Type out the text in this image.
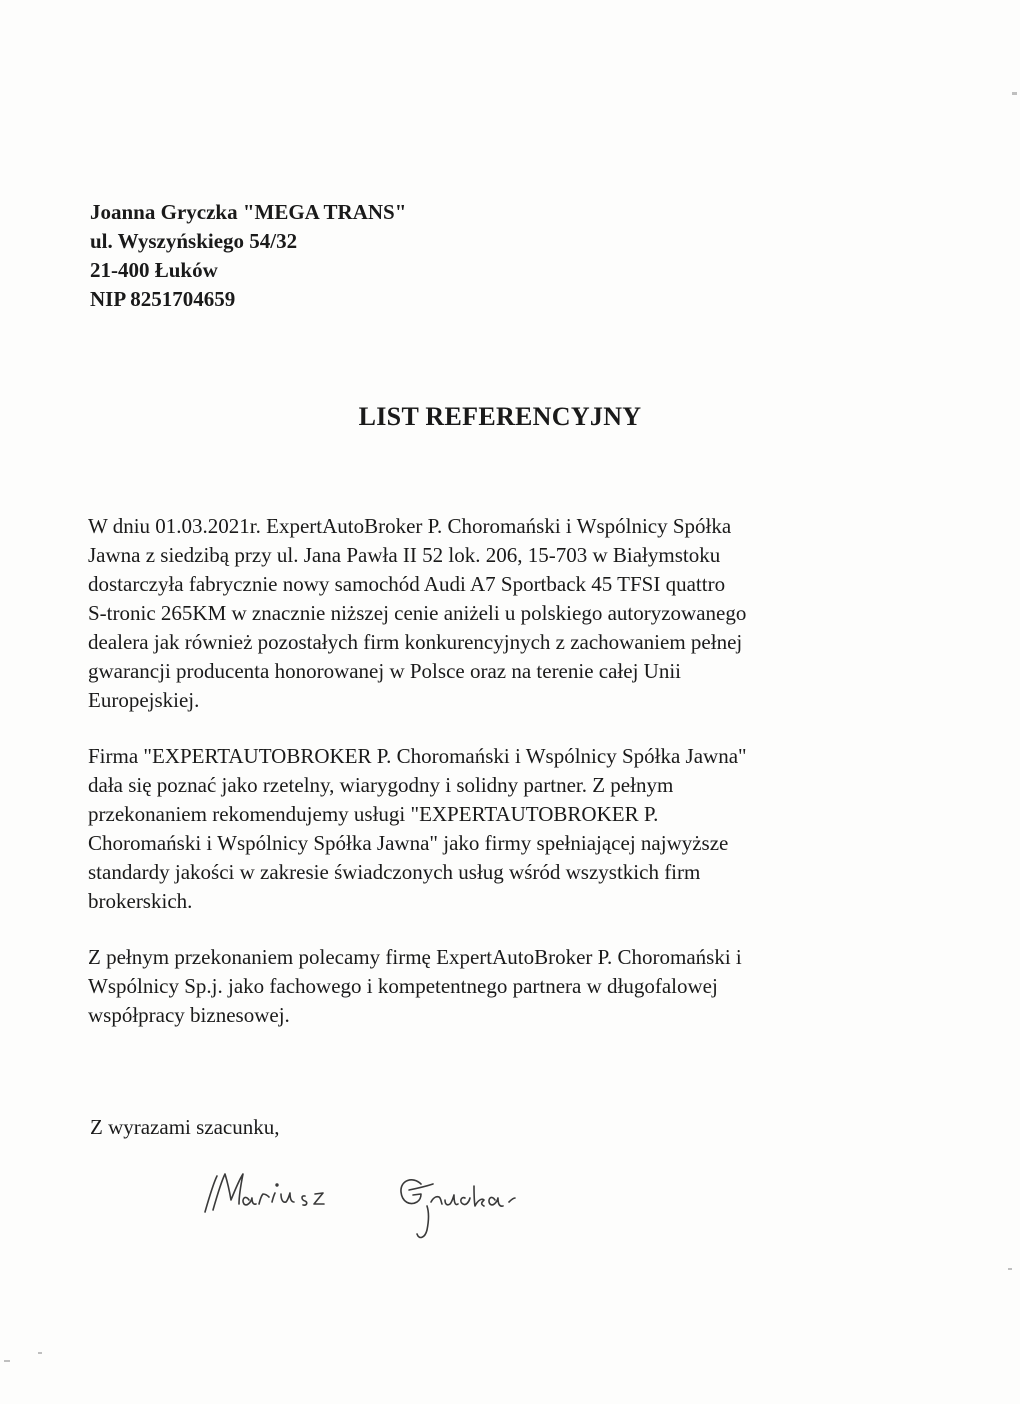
Joanna Gryczka "MEGA TRANS"
ul. Wyszyńskiego 54/32
21-400 Łuków
NIP 8251704659
LIST REFERENCYJNY

W dniu 01.03.2021r. ExpertAutoBroker P. Choromański i Wspólnicy Spółka
Jawna z siedzibą przy ul. Jana Pawła II 52 lok. 206, 15-703 w Białymstoku
dostarczyła fabrycznie nowy samochód Audi A7 Sportback 45 TFSI quattro
S-tronic 265KM w znacznie niższej cenie aniżeli u polskiego autoryzowanego
dealera jak również pozostałych firm konkurencyjnych z zachowaniem pełnej
gwarancji producenta honorowanej w Polsce oraz na terenie całej Unii
Europejskiej.

Firma "EXPERTAUTOBROKER P. Choromański i Wspólnicy Spółka Jawna"
dała się poznać jako rzetelny, wiarygodny i solidny partner. Z pełnym
przekonaniem rekomendujemy usługi "EXPERTAUTOBROKER P.
Choromański i Wspólnicy Spółka Jawna" jako firmy spełniającej najwyższe
standardy jakości w zakresie świadczonych usług wśród wszystkich firm
brokerskich.

Z pełnym przekonaniem polecamy firmę ExpertAutoBroker P. Choromański i
Wspólnicy Sp.j. jako fachowego i kompetentnego partnera w długofalowej
współpracy biznesowej.

Z wyrazami szacunku,
